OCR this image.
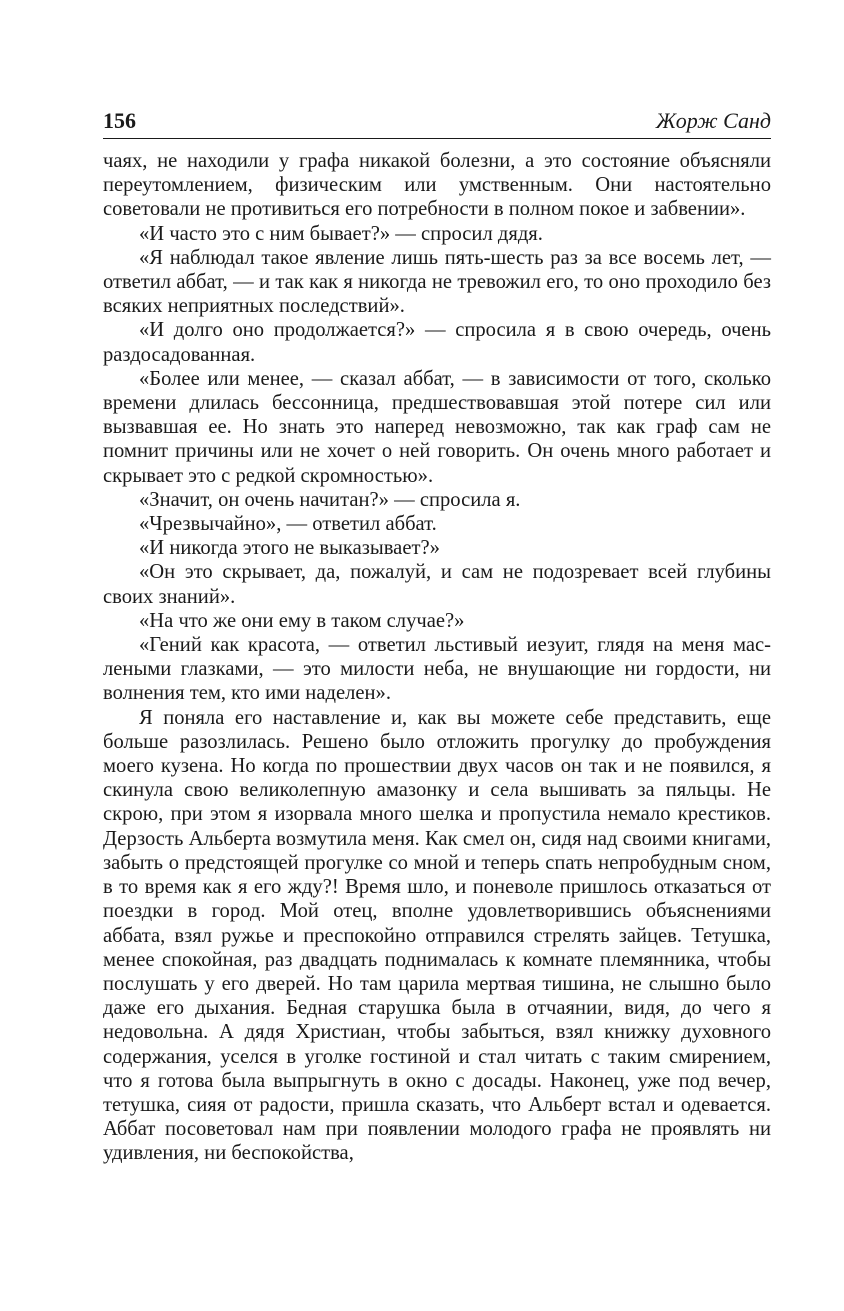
156	Жорж Санд

чаях, не находили у графа никакой болезни, а это состояние объясняли переутомлением, физическим или умственным. Они настоятельно советовали не противиться его потребности в полном покое и забвении».

«И часто это с ним бывает?» — спросил дядя.

«Я наблюдал такое явление лишь пять-шесть раз за все восемь лет, — ответил аббат, — и так как я никогда не тревожил его, то оно проходило без всяких неприятных последствий».

«И долго оно продолжается?» — спросила я в свою очередь, очень раздосадованная.

«Более или менее, — сказал аббат, — в зависимости от того, сколько времени длилась бессонница, предшествовавшая этой потере сил или вызвавшая ее. Но знать это наперед невозможно, так как граф сам не помнит причины или не хочет о ней говорить. Он очень много работает и скрывает это с редкой скромностью».

«Значит, он очень начитан?» — спросила я.

«Чрезвычайно», — ответил аббат.

«И никогда этого не выказывает?»

«Он это скрывает, да, пожалуй, и сам не подозревает всей глубины своих знаний».

«На что же они ему в таком случае?»

«Гений как красота, — ответил льстивый иезуит, глядя на меня маслеными глазками, — это милости неба, не внушающие ни гордости, ни волнения тем, кто ими наделен».

Я поняла его наставление и, как вы можете себе представить, еще больше разозлилась. Решено было отложить прогулку до пробуждения моего кузена. Но когда по прошествии двух часов он так и не появился, я скинула свою великолепную амазонку и села вышивать за пяльцы. Не скрою, при этом я изорвала много шелка и пропустила немало крестиков. Дерзость Альберта возмутила меня. Как смел он, сидя над своими книгами, забыть о предстоящей прогулке со мной и теперь спать непробудным сном, в то время как я его жду?! Время шло, и поневоле пришлось отказаться от поездки в город. Мой отец, вполне удовлетворившись объяснениями аббата, взял ружье и преспокойно отправился стрелять зайцев. Тетушка, менее спокойная, раз двадцать поднималась к комнате племянника, чтобы послушать у его дверей. Но там царила мертвая тишина, не слышно было даже его дыхания. Бедная старушка была в отчаянии, видя, до чего я недовольна. А дядя Христиан, чтобы забыться, взял книжку духовного содержания, уселся в уголке гостиной и стал читать с таким смирением, что я готова была выпрыгнуть в окно с досады. Наконец, уже под вечер, тетушка, сияя от радости, пришла сказать, что Альберт встал и одевается. Аббат посоветовал нам при появлении молодого графа не проявлять ни удивления, ни беспокойства,
